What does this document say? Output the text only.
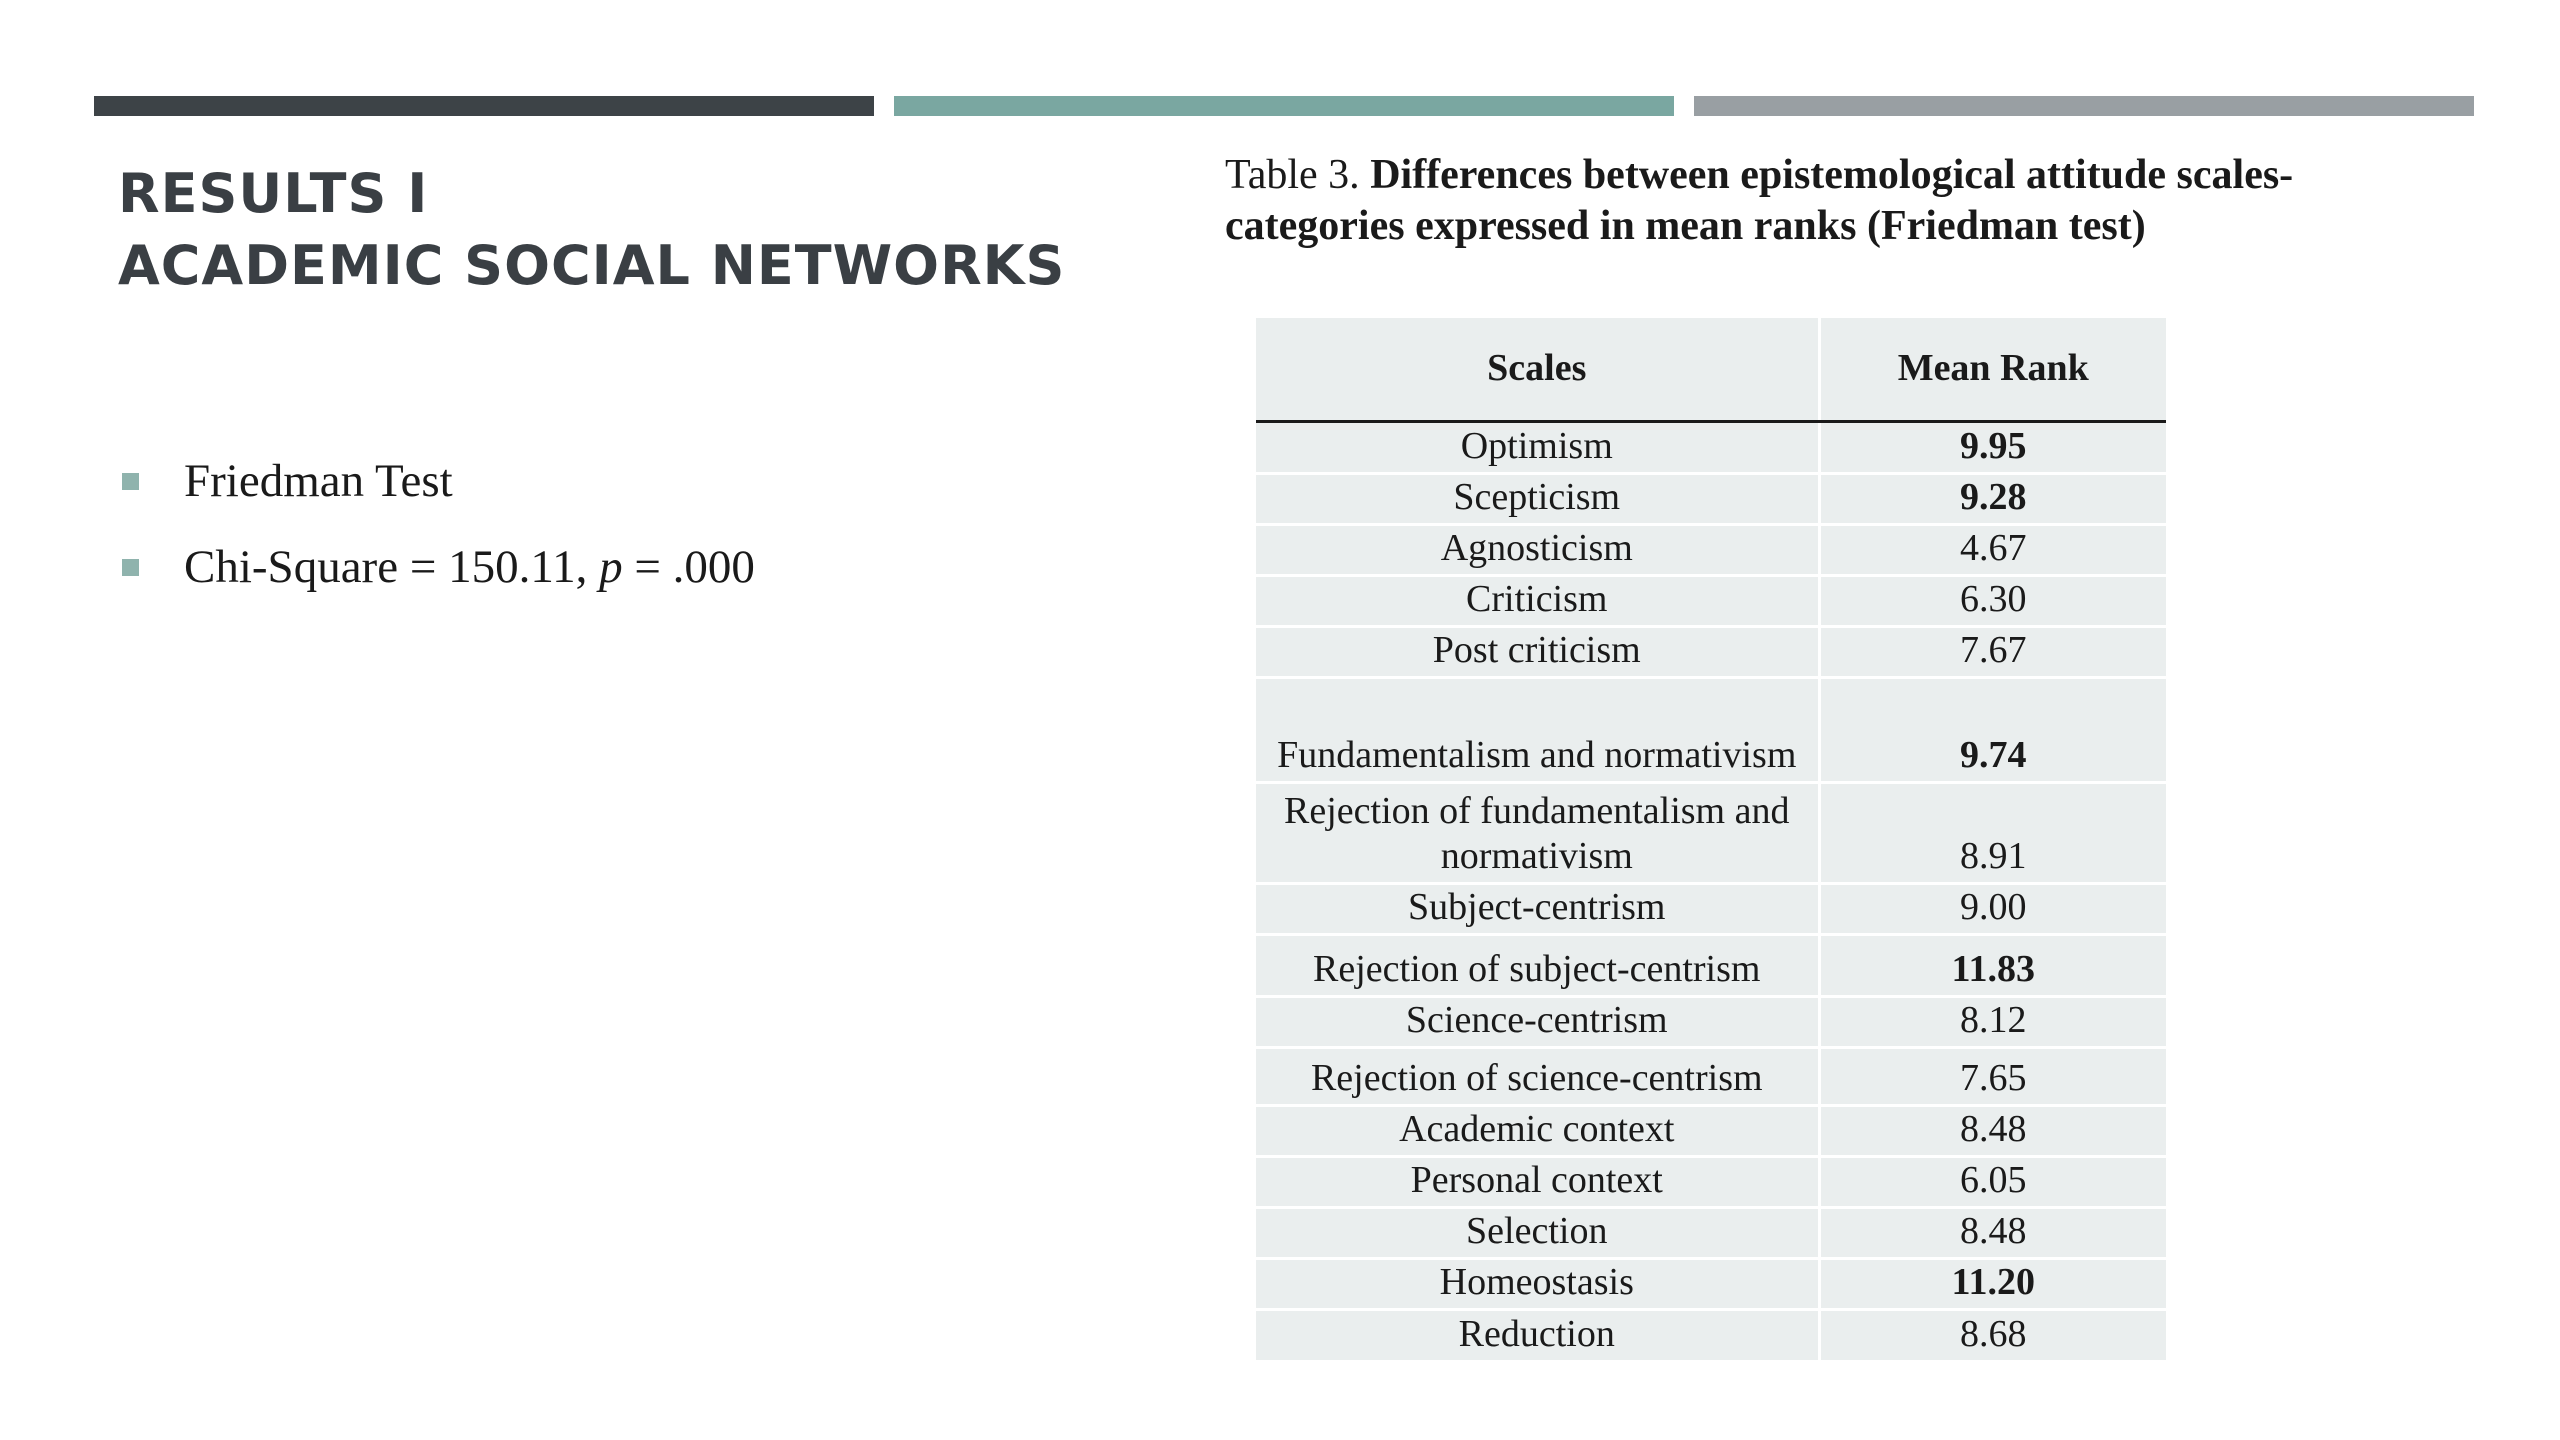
RESULTS I
ACADEMIC SOCIAL NETWORKS
Friedman Test
Chi-Square = 150.11, p = .000
Table 3. Differences between epistemological attitude scales-categories expressed in mean ranks (Friedman test)
Scales	Mean Rank
Optimism	9.95
Scepticism	9.28
Agnosticism	4.67
Criticism	6.30
Post criticism	7.67
Fundamentalism and normativism	9.74
Rejection of fundamentalism and normativism	8.91
Subject-centrism	9.00
Rejection of subject-centrism	11.83
Science-centrism	8.12
Rejection of science-centrism	7.65
Academic context	8.48
Personal context	6.05
Selection	8.48
Homeostasis	11.20
Reduction	8.68
